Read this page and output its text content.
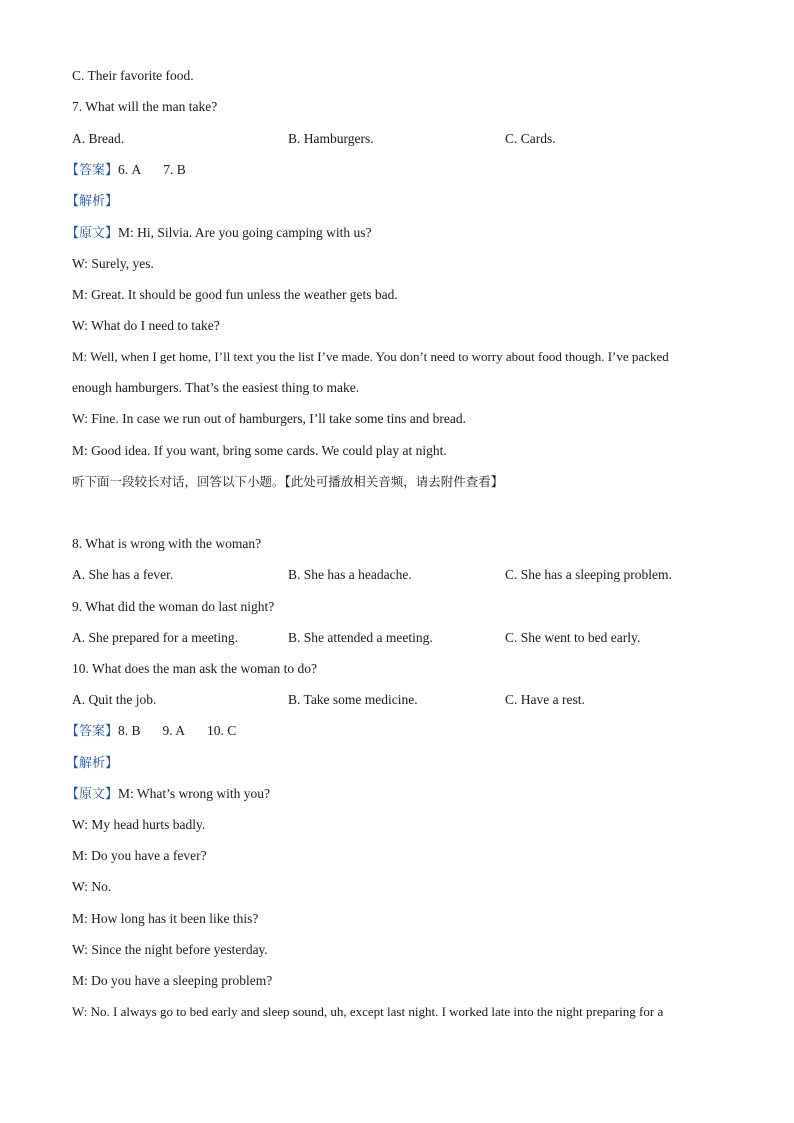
C. Their favorite food.
7. What will the man take?
A. Bread.	B. Hamburgers.	C. Cards.
【答案】6. A 7. B
【解析】
【原文】M: Hi, Silvia. Are you going camping with us?
W: Surely, yes.
M: Great. It should be good fun unless the weather gets bad.
W: What do I need to take?
M: Well, when I get home, I’ll text you the list I’ve made. You don’t need to worry about food though. I’ve packed
enough hamburgers. That’s the easiest thing to make.
W: Fine. In case we run out of hamburgers, I’ll take some tins and bread.
M: Good idea. If you want, bring some cards. We could play at night.
听下面一段较长对话，回答以下小题。【此处可播放相关音频，请去附件查看】
8. What is wrong with the woman?
A. She has a fever.	B. She has a headache.	C. She has a sleeping problem.
9. What did the woman do last night?
A. She prepared for a meeting.	B. She attended a meeting.	C. She went to bed early.
10. What does the man ask the woman to do?
A. Quit the job.	B. Take some medicine.	C. Have a rest.
【答案】8. B 9. A 10. C
【解析】
【原文】M: What’s wrong with you?
W: My head hurts badly.
M: Do you have a fever?
W: No.
M: How long has it been like this?
W: Since the night before yesterday.
M: Do you have a sleeping problem?
W: No. I always go to bed early and sleep sound, uh, except last night. I worked late into the night preparing for a
